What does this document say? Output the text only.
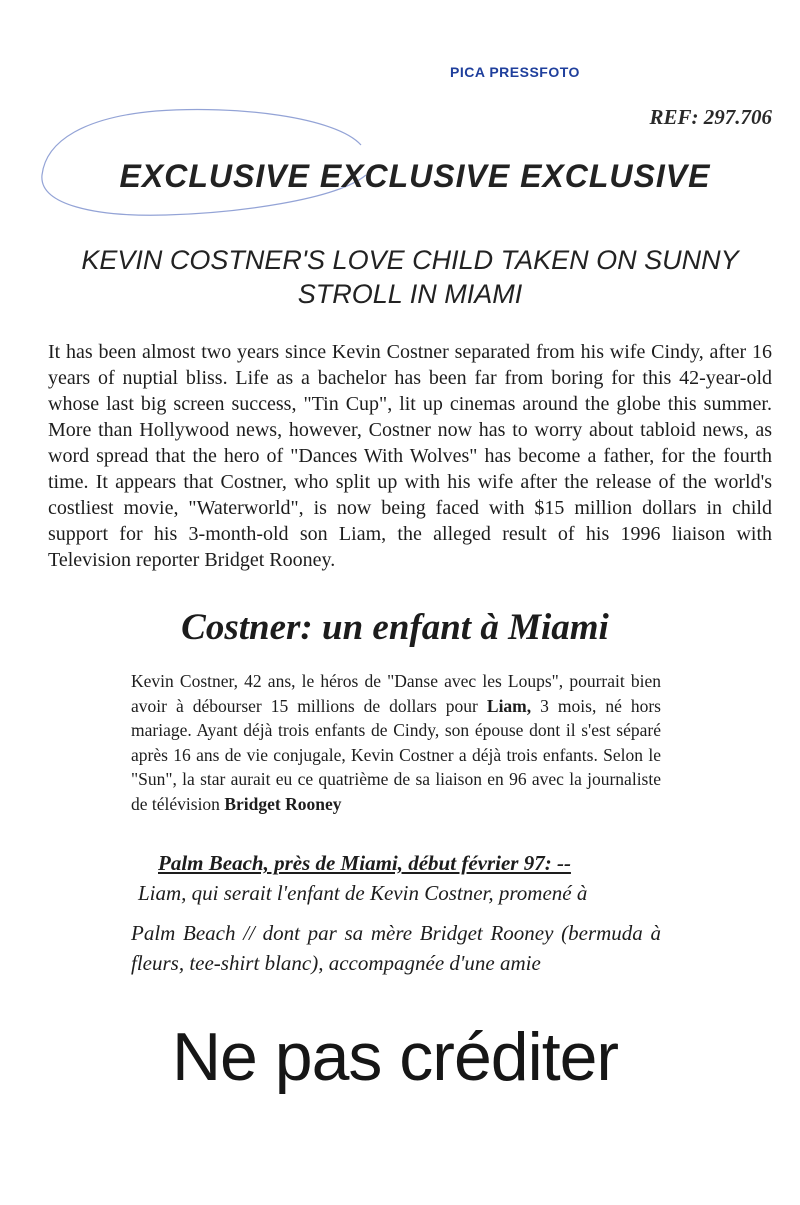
PICA PRESSFOTO
REF: 297.706
EXCLUSIVE EXCLUSIVE EXCLUSIVE
KEVIN COSTNER'S LOVE CHILD TAKEN ON SUNNY STROLL IN MIAMI
It has been almost two years since Kevin Costner separated from his wife Cindy, after 16 years of nuptial bliss. Life as a bachelor has been far from boring for this 42-year-old whose last big screen success, "Tin Cup", lit up cinemas around the globe this summer. More than Hollywood news, however, Costner now has to worry about tabloid news, as word spread that the hero of "Dances With Wolves" has become a father, for the fourth time. It appears that Costner, who split up with his wife after the release of the world's costliest movie, "Waterworld", is now being faced with $15 million dollars in child support for his 3-month-old son Liam, the alleged result of his 1996 liaison with Television reporter Bridget Rooney.
Costner: un enfant à Miami
Kevin Costner, 42 ans, le héros de "Danse avec les Loups", pourrait bien avoir à débourser 15 millions de dollars pour Liam, 3 mois, né hors mariage. Ayant déjà trois enfants de Cindy, son épouse dont il s'est séparé après 16 ans de vie conjugale, Kevin Costner a déjà trois enfants. Selon le "Sun", la star aurait eu ce quatrième de sa liaison en 96 avec la journaliste de télévision Bridget Rooney
Palm Beach, près de Miami, début février 97: --
Liam, qui serait l'enfant de Kevin Costner, promené à
Palm Beach // dont par sa mère Bridget Rooney (bermuda à fleurs, tee-shirt blanc), accompagnée d'une amie
Ne pas créditer
